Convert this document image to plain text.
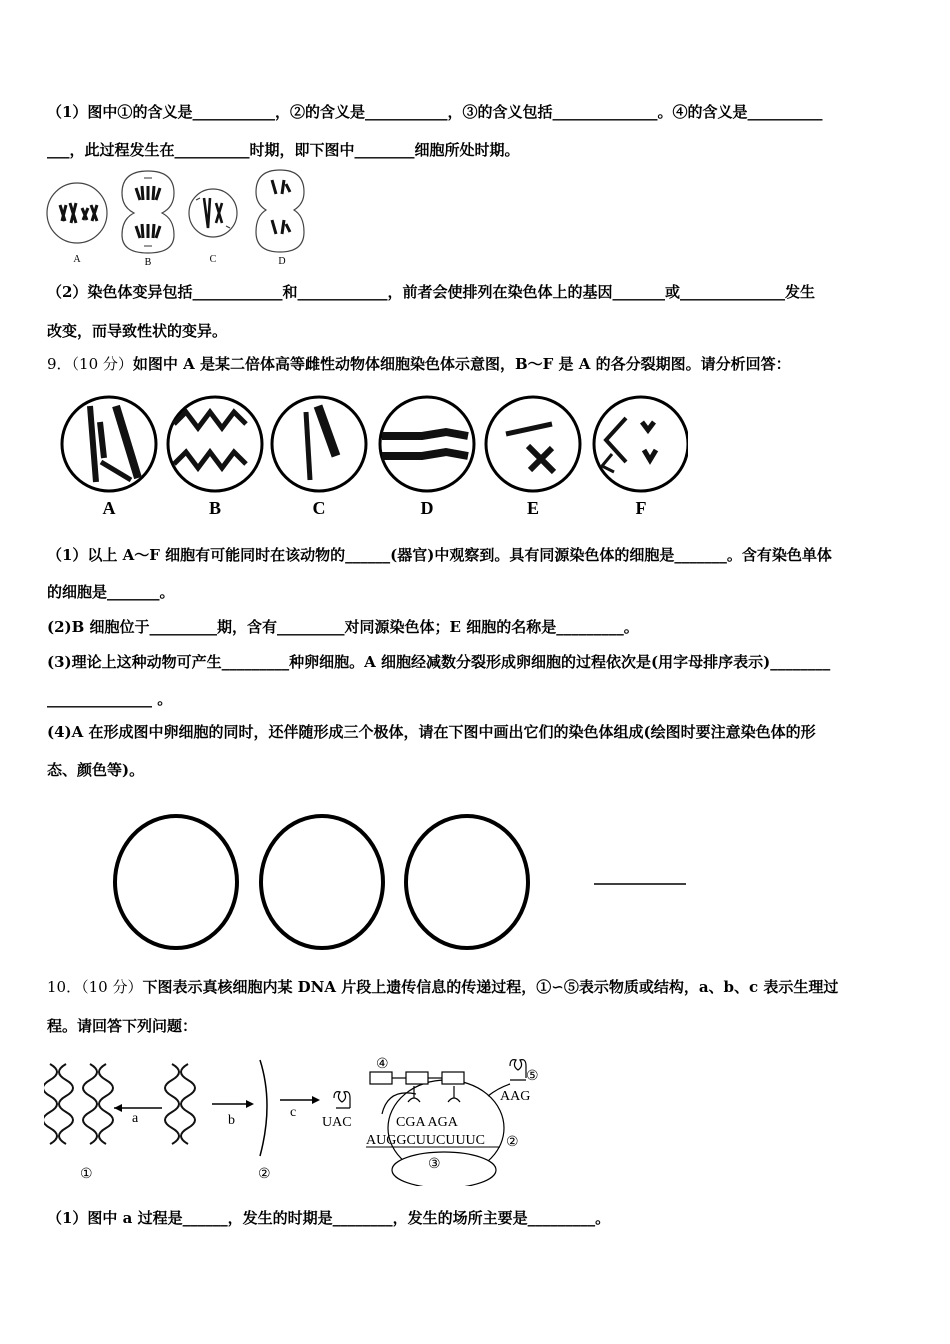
（1）图中①的含义是___________，②的含义是___________，③的含义包括______________。④的含义是__________
___，此过程发生在__________时期，即下图中________细胞所处时期。
A	B	C	D
（2）染色体变异包括____________和____________，前者会使排列在染色体上的基因_______或______________发生
改变，而导致性状的变异。
9．（10 分）如图中 A 是某二倍体高等雌性动物体细胞染色体示意图，B～F 是 A 的各分裂期图。请分析回答：
A	B	C	D	E	F
（1）以上 A～F 细胞有可能同时在该动物的______(器官)中观察到。具有同源染色体的细胞是_______。含有染色单体
的细胞是_______。
(2)B 细胞位于_________期，含有_________对同源染色体；E 细胞的名称是_________。
(3)理论上这种动物可产生_________种卵细胞。A 细胞经减数分裂形成卵细胞的过程依次是(用字母排序表示)________
______________ 。
(4)A 在形成图中卵细胞的同时，还伴随形成三个极体，请在下图中画出它们的染色体组成(绘图时要注意染色体的形
态、颜色等)。
10．（10 分）下图表示真核细胞内某 DNA 片段上遗传信息的传递过程，①∽⑤表示物质或结构，a、b、c 表示生理过
程。请回答下列问题：
a
①
b
②
c
UAC
④
CGA AGA
⑤
AAG
AUGGCUUCUUUC ②
③
（1）图中 a 过程是______，发生的时期是________，发生的场所主要是_________。
